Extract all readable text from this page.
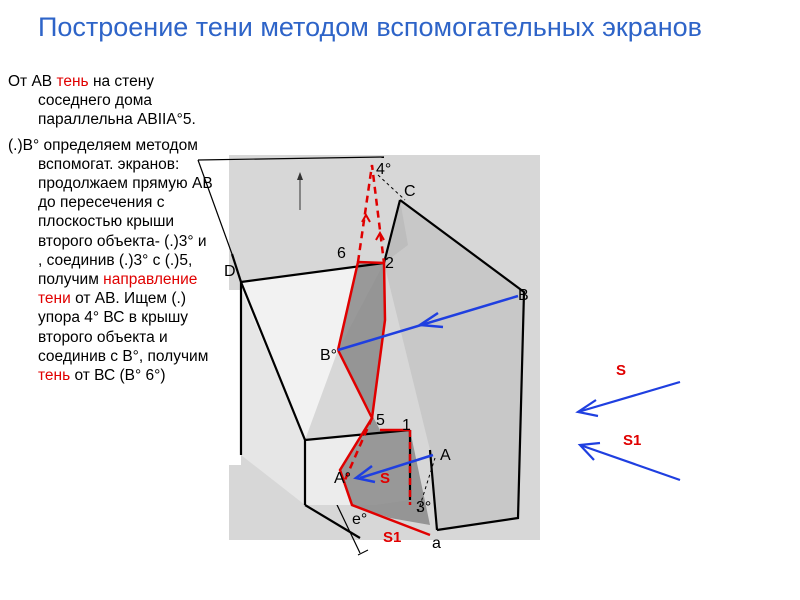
Построение тени методом вспомогательных экранов

От АВ тень на стену соседнего дома параллельна АВIIА°5.

(.)В° определяем методом вспомогат. экранов: продолжаем прямую АВ до пересечения с плоскостью крыши второго объекта- (.)3° и , соединив (.)3° с (.)5, получим направление тени от АВ. Ищем (.) упора 4° ВС в крышу второго объекта и соединив с В°, получим тень от ВС (В° 6°)

4°
C
D
6
2
B
B°
5 1
A
A°
3°
e°
a
S
S1
S
S1
